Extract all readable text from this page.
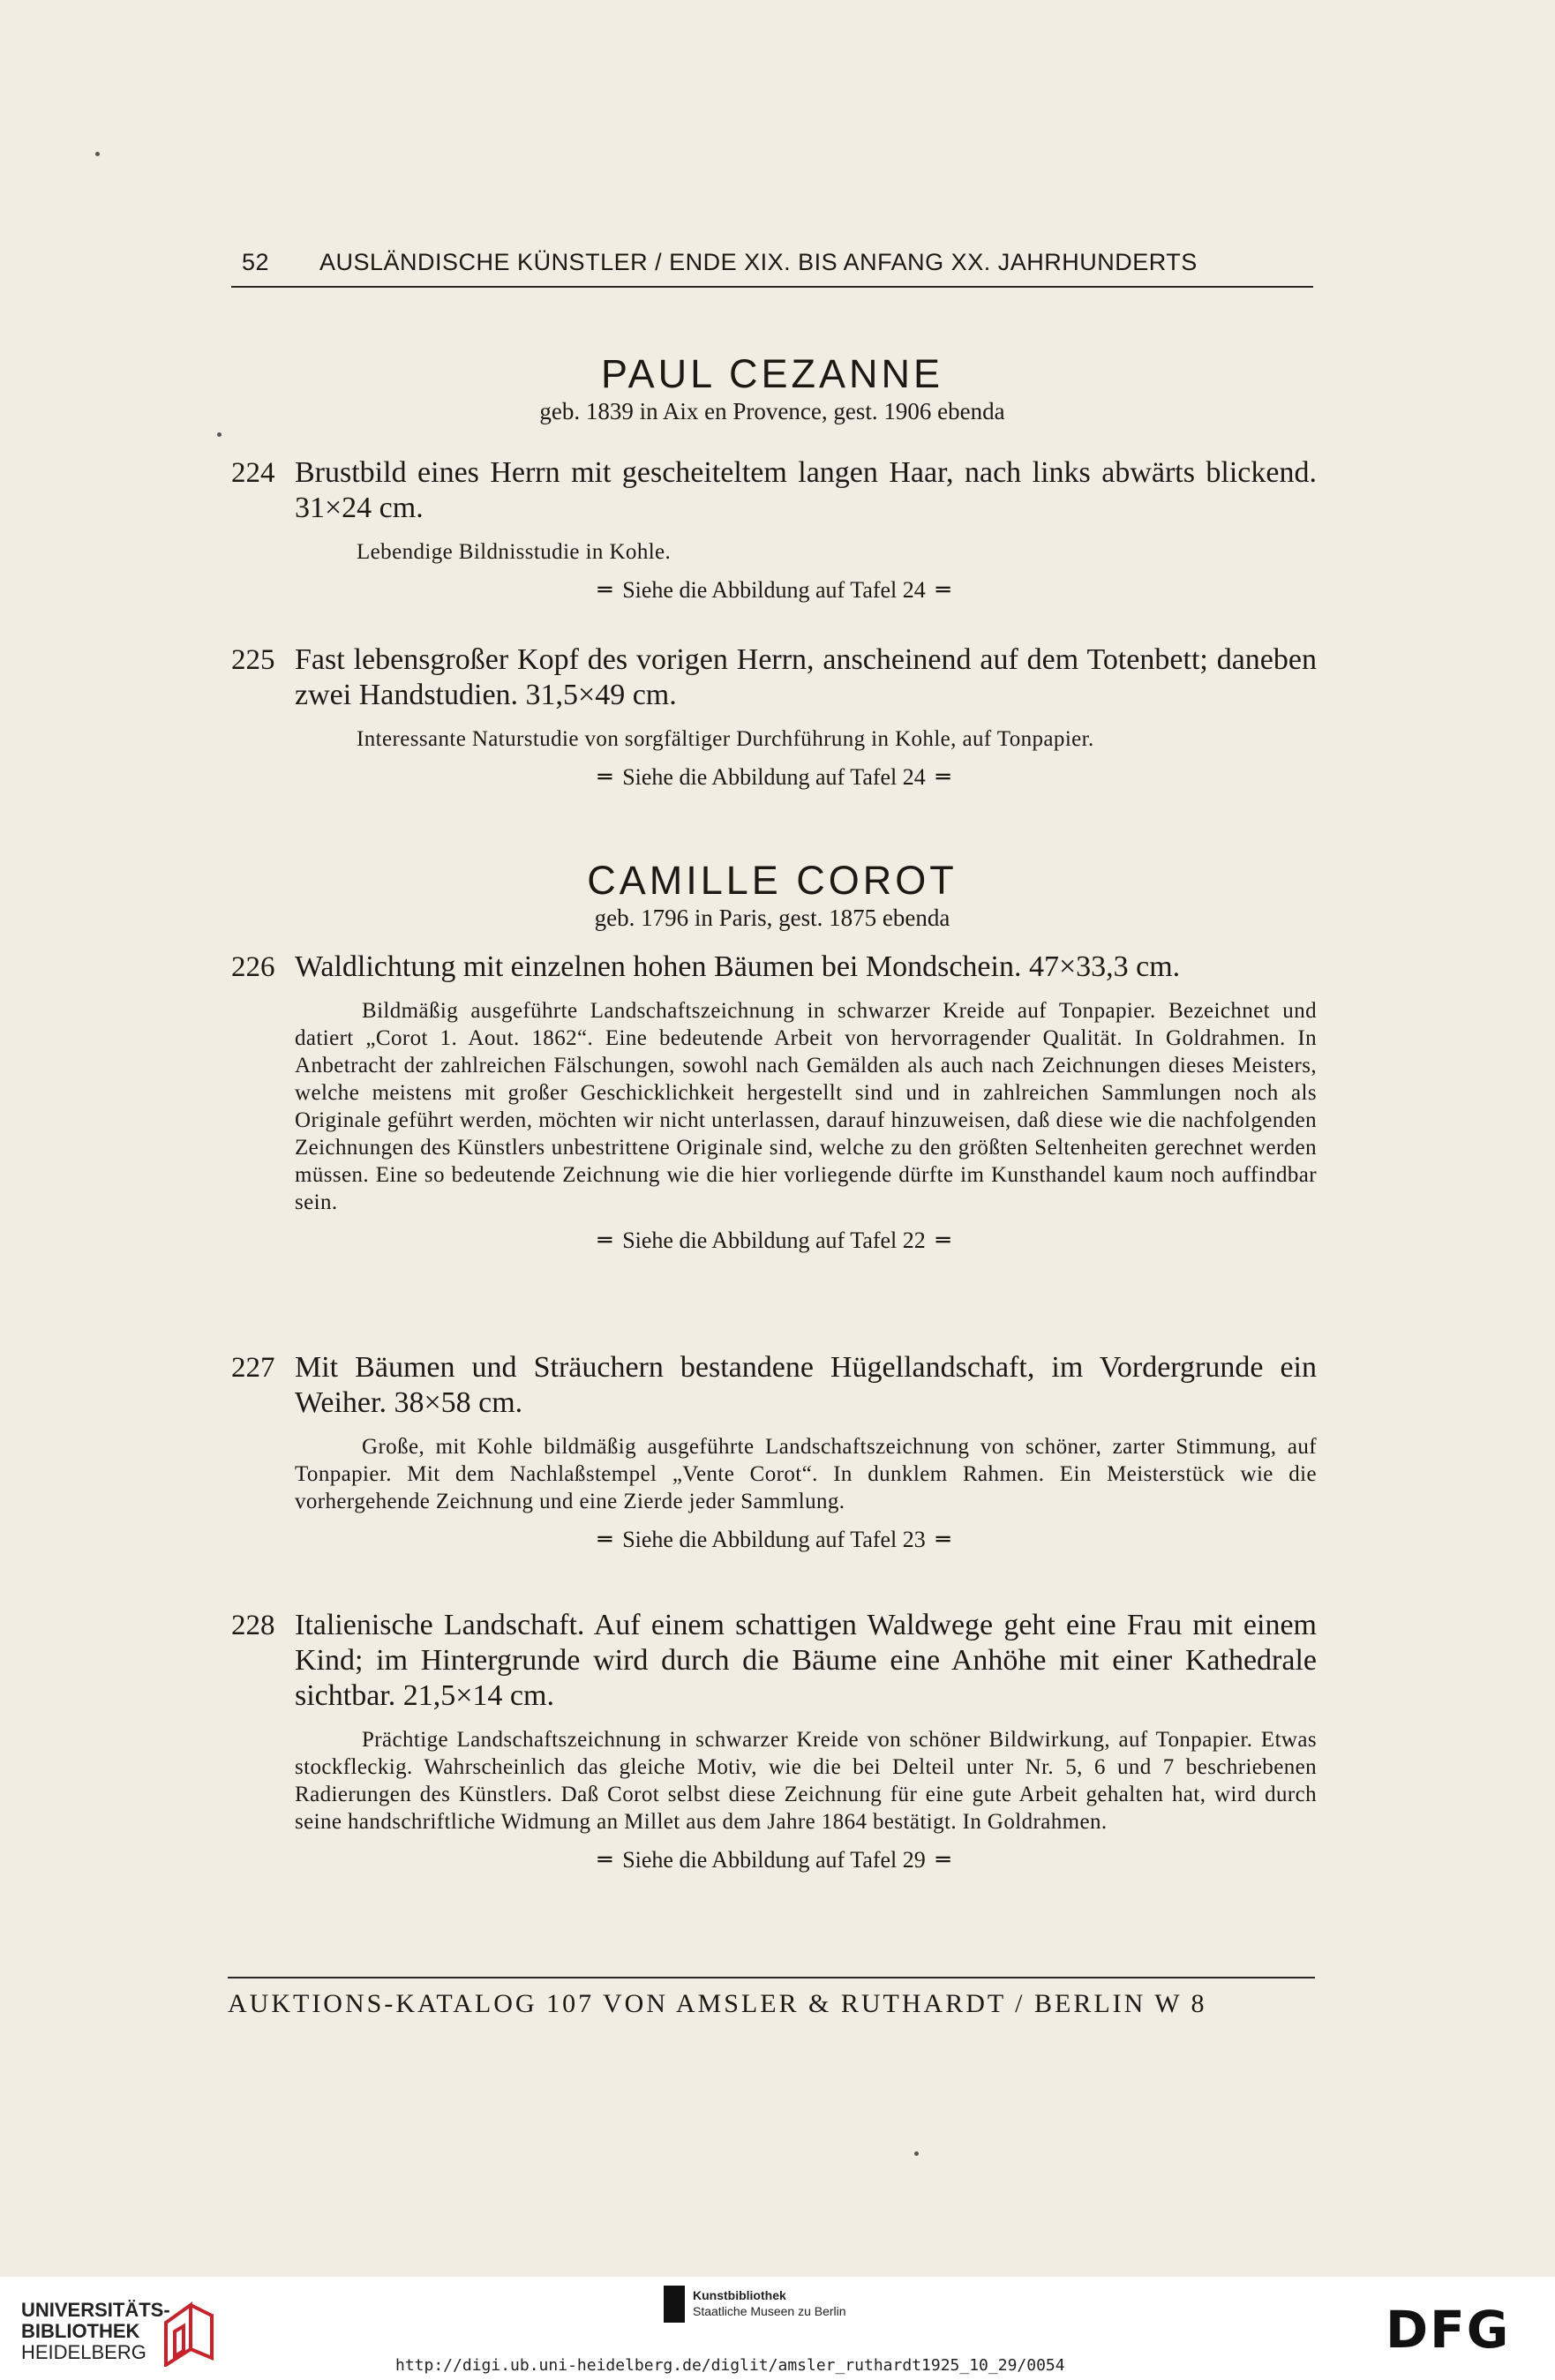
52 AUSLÄNDISCHE KÜNSTLER / ENDE XIX. BIS ANFANG XX. JAHRHUNDERTS
PAUL CEZANNE
geb. 1839 in Aix en Provence, gest. 1906 ebenda
224 Brustbild eines Herrn mit gescheiteltem langen Haar, nach links abwärts blickend. 31×24 cm.
Lebendige Bildnisstudie in Kohle.
═ Siehe die Abbildung auf Tafel 24 ═
225 Fast lebensgroßer Kopf des vorigen Herrn, anscheinend auf dem Totenbett; daneben zwei Handstudien. 31,5×49 cm.
Interessante Naturstudie von sorgfältiger Durchführung in Kohle, auf Tonpapier.
═ Siehe die Abbildung auf Tafel 24 ═
CAMILLE COROT
geb. 1796 in Paris, gest. 1875 ebenda
226 Waldlichtung mit einzelnen hohen Bäumen bei Mondschein. 47×33,3 cm.
Bildmäßig ausgeführte Landschaftszeichnung in schwarzer Kreide auf Tonpapier. Bezeichnet und datiert „Corot 1. Aout. 1862“. Eine bedeutende Arbeit von hervorragender Qualität. In Goldrahmen. In Anbetracht der zahlreichen Fälschungen, sowohl nach Gemälden als auch nach Zeichnungen dieses Meisters, welche meistens mit großer Geschicklichkeit hergestellt sind und in zahlreichen Sammlungen noch als Originale geführt werden, möchten wir nicht unterlassen, darauf hinzuweisen, daß diese wie die nachfolgenden Zeichnungen des Künstlers unbestrittene Originale sind, welche zu den größten Seltenheiten gerechnet werden müssen. Eine so bedeutende Zeichnung wie die hier vorliegende dürfte im Kunsthandel kaum noch auffindbar sein.
═ Siehe die Abbildung auf Tafel 22 ═
227 Mit Bäumen und Sträuchern bestandene Hügellandschaft, im Vordergrunde ein Weiher. 38×58 cm.
Große, mit Kohle bildmäßig ausgeführte Landschaftszeichnung von schöner, zarter Stimmung, auf Tonpapier. Mit dem Nachlaßstempel „Vente Corot“. In dunklem Rahmen. Ein Meisterstück wie die vorhergehende Zeichnung und eine Zierde jeder Sammlung.
═ Siehe die Abbildung auf Tafel 23 ═
228 Italienische Landschaft. Auf einem schattigen Waldwege geht eine Frau mit einem Kind; im Hintergrunde wird durch die Bäume eine Anhöhe mit einer Kathedrale sichtbar. 21,5×14 cm.
Prächtige Landschaftszeichnung in schwarzer Kreide von schöner Bildwirkung, auf Tonpapier. Etwas stockfleckig. Wahrscheinlich das gleiche Motiv, wie die bei Delteil unter Nr. 5, 6 und 7 beschriebenen Radierungen des Künstlers. Daß Corot selbst diese Zeichnung für eine gute Arbeit gehalten hat, wird durch seine handschriftliche Widmung an Millet aus dem Jahre 1864 bestätigt. In Goldrahmen.
═ Siehe die Abbildung auf Tafel 29 ═
AUKTIONS-KATALOG 107 VON AMSLER & RUTHARDT / BERLIN W 8
UNIVERSITÄTS-
BIBLIOTHEK
HEIDELBERG
Kunstbibliothek
Staatliche Museen zu Berlin
http://digi.ub.uni-heidelberg.de/diglit/amsler_ruthardt1925_10_29/0054
DFG
